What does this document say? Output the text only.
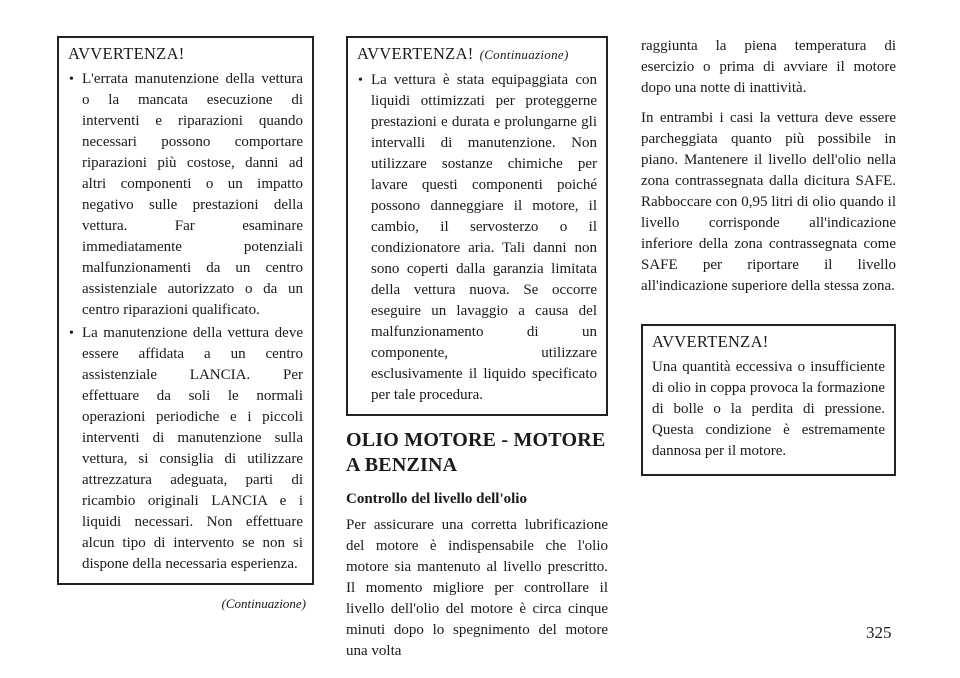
AVVERTENZA!
• L'errata manutenzione della vettura o la mancata esecuzione di interventi e riparazioni quando necessari possono comportare riparazioni più costose, danni ad altri componenti o un impatto negativo sulle prestazioni della vettura. Far esaminare immediatamente potenziali malfunzionamenti da un centro assistenziale autorizzato o da un centro riparazioni qualificato.
• La manutenzione della vettura deve essere affidata a un centro assistenziale LANCIA. Per effettuare da soli le normali operazioni periodiche e i piccoli interventi di manutenzione sulla vettura, si consiglia di utilizzare attrezzatura adeguata, parti di ricambio originali LANCIA e i liquidi necessari. Non effettuare alcun tipo di intervento se non si dispone della necessaria esperienza.
(Continuazione)
AVVERTENZA! (Continuazione)
• La vettura è stata equipaggiata con liquidi ottimizzati per proteggerne prestazioni e durata e prolungarne gli intervalli di manutenzione. Non utilizzare sostanze chimiche per lavare questi componenti poiché possono danneggiare il motore, il cambio, il servosterzo o il condizionatore aria. Tali danni non sono coperti dalla garanzia limitata della vettura nuova. Se occorre eseguire un lavaggio a causa del malfunzionamento di un componente, utilizzare esclusivamente il liquido specificato per tale procedura.
OLIO MOTORE - MOTORE
A BENZINA
Controllo del livello dell'olio

Per assicurare una corretta lubrificazione del motore è indispensabile che l'olio motore sia mantenuto al livello prescritto. Il momento migliore per controllare il livello dell'olio del motore è circa cinque minuti dopo lo spegnimento del motore una volta

raggiunta la piena temperatura di esercizio o prima di avviare il motore dopo una notte di inattività.

In entrambi i casi la vettura deve essere parcheggiata quanto più possibile in piano. Mantenere il livello dell'olio nella zona contrassegnata dalla dicitura SAFE. Rabboccare con 0,95 litri di olio quando il livello corrisponde all'indicazione inferiore della zona contrassegnata come SAFE per riportare il livello all'indicazione superiore della stessa zona.

AVVERTENZA!

Una quantità eccessiva o insufficiente di olio in coppa provoca la formazione di bolle o la perdita di pressione. Questa condizione è estremamente dannosa per il motore.

325
